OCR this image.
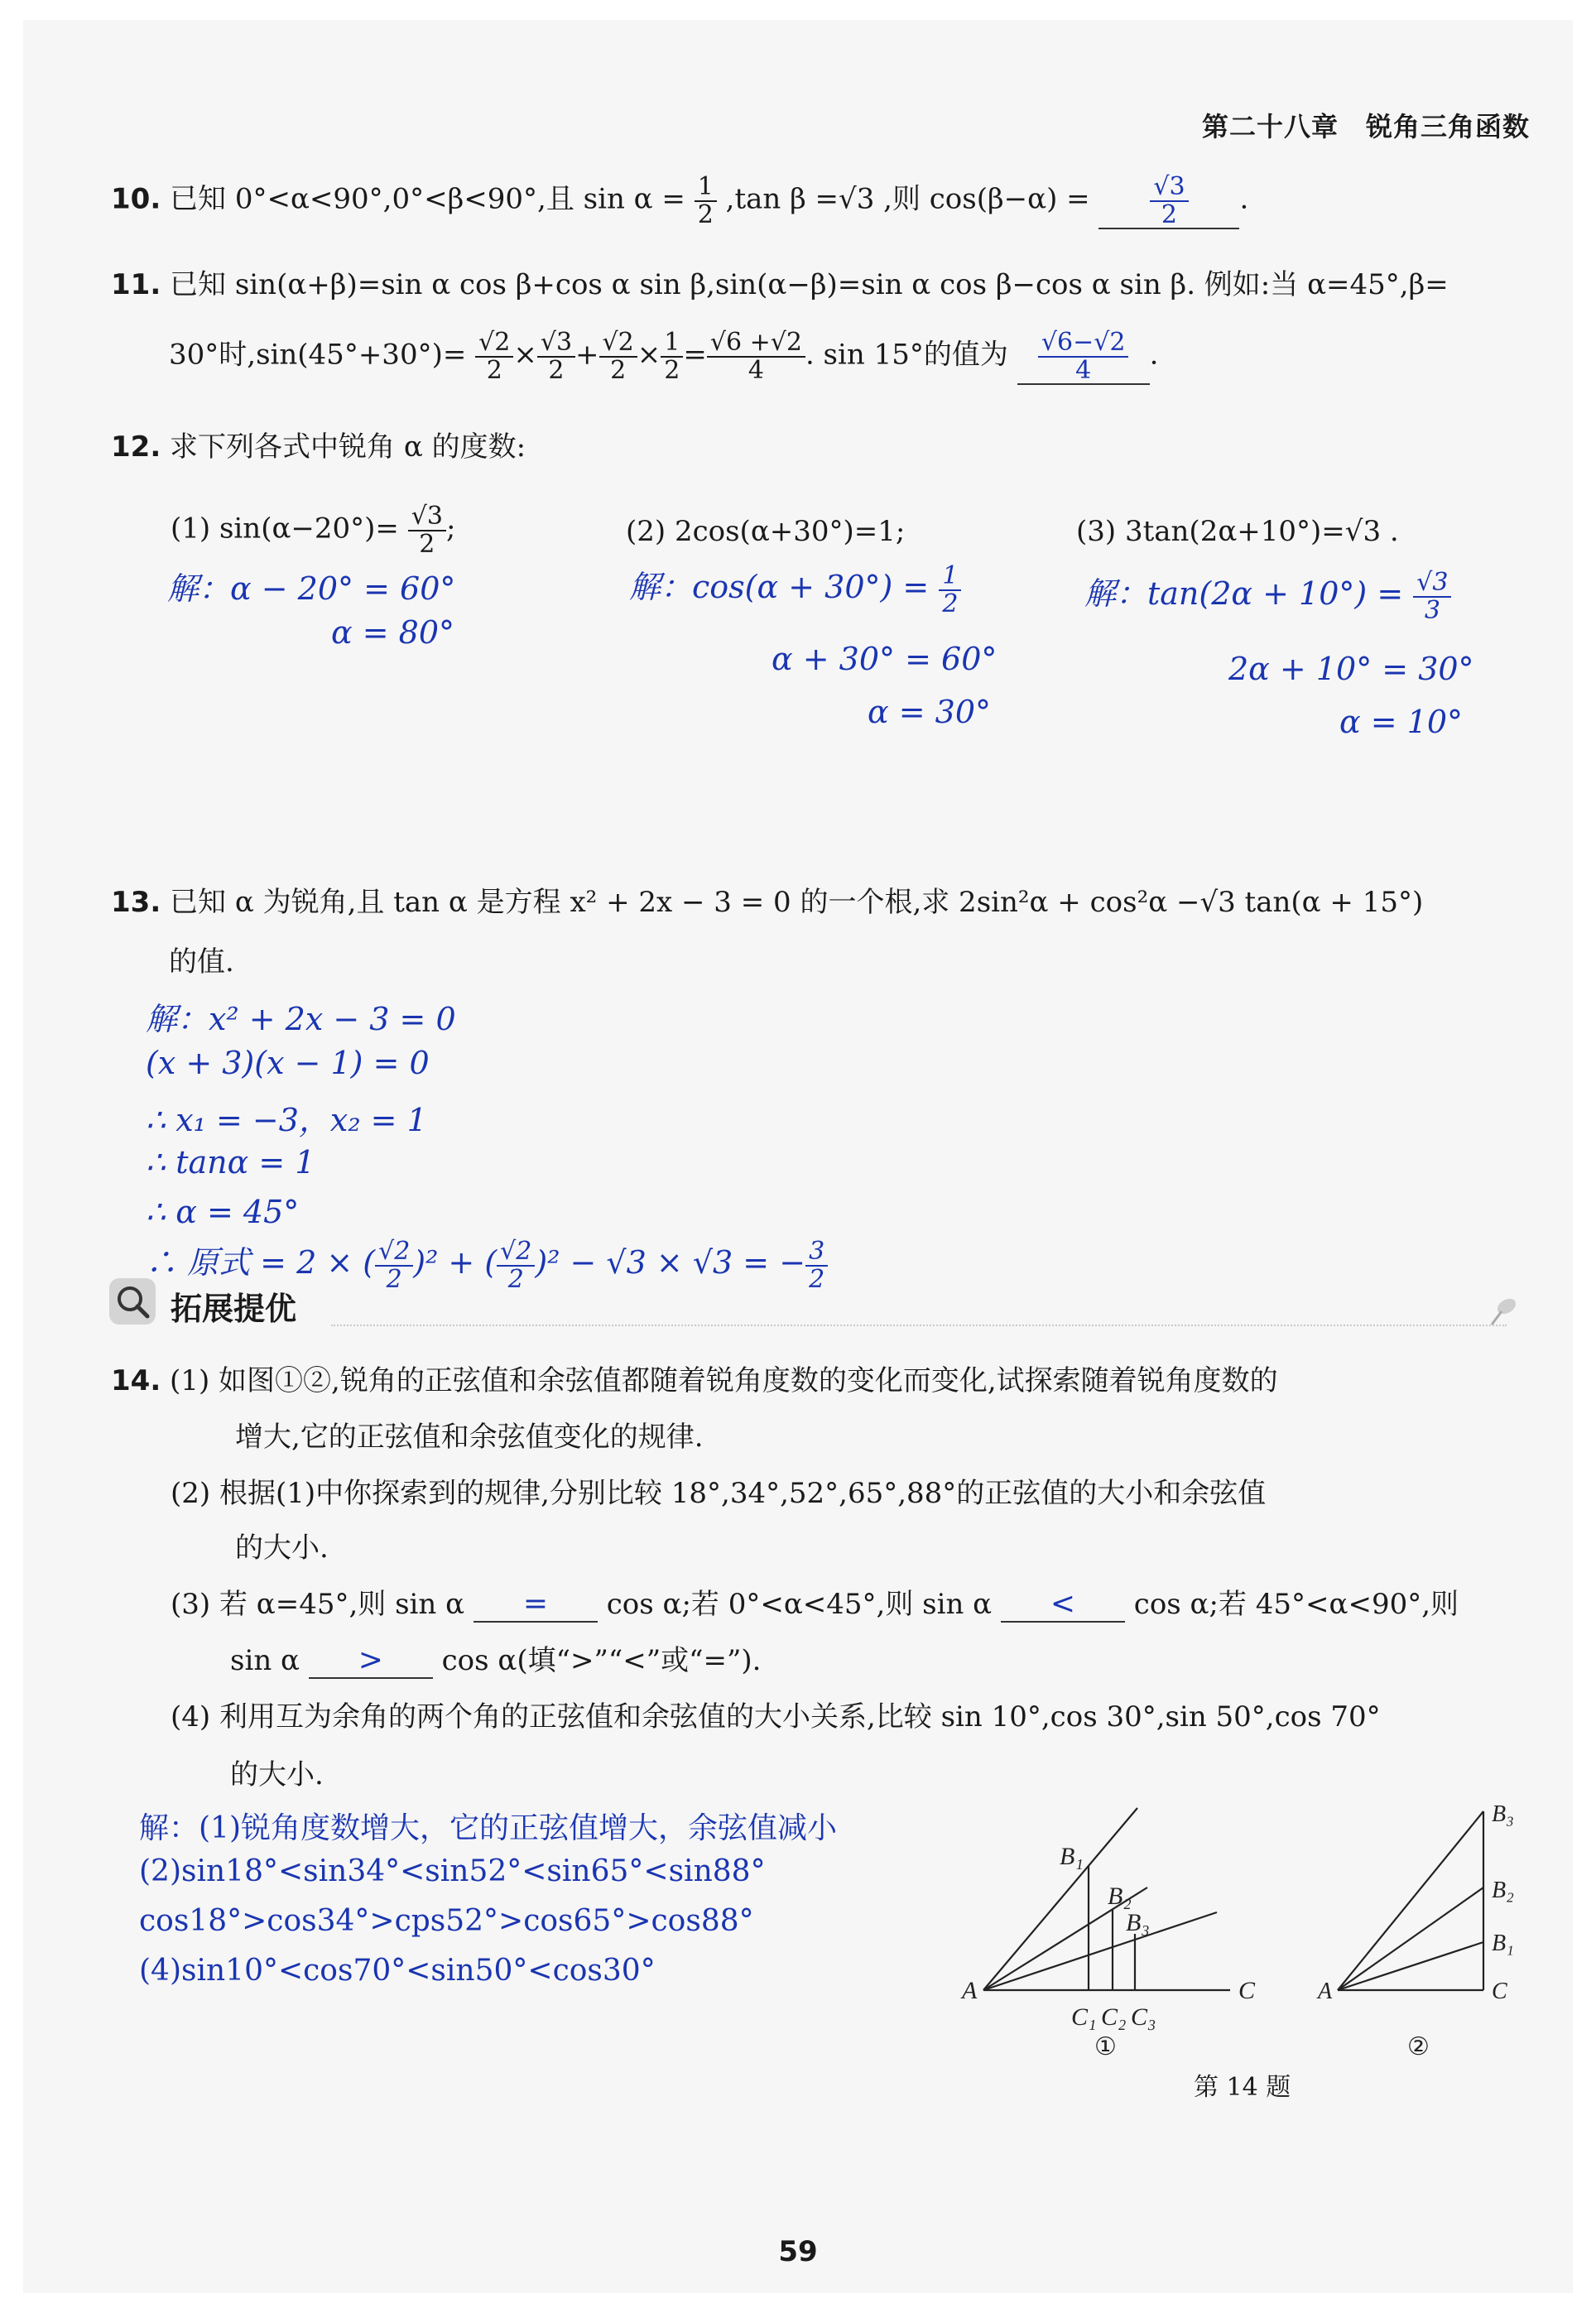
第二十八章　锐角三角函数
10. 已知 0°<α<90°,0°<β<90°,且 $\sin \alpha = \frac{1}{2} ,\tan$ β =√3 ,则 $\cos(\beta-\alpha) = \frac{√3}{2}$ .
11. 已知 sin(α+β)=sin α cos β+cos α sin β,sin(α−β)=sin α cos β−cos α sin β. 例如:当 α=45°,β=
30°时$,\sin(45^\circ+30^\circ)= \frac{√2}{2} \times \frac{√3}{2} + \frac{√2}{2} \times \frac{1}{2} = \frac{√6 +√2}{4}$ . sin 15°的值为 $\frac{√6-√2}{4}$ .
12. 求下列各式中锐角 α 的度数:
(1) $\sin(\alpha-20^\circ)= \frac{√3}{2}$ ;	(2) 2cos(α+30°)=1;	(3) 3tan(2α+10°)=√3 .
解：α − 20° = 60°
α = 80°
解：$\cos(\alpha + 30^\circ) = \frac{1}{2}$
α + 30° = 60°
α = 30°
解：$\tan(2\alpha + 10^\circ) = \frac{√3}{3}$
2α + 10° = 30°
α = 10°
13. 已知 α 为锐角,且 tan α 是方程 x² + 2x − 3 = 0 的一个根,求 2sin²α + cos²α −√3 tan(α + 15°)
的值.
解：x² + 2x − 3 = 0
(x + 3)(x − 1) = 0
∴ x₁ = −3，x₂ = 1
∴ tanα = 1
∴ α = 45°
∴ 原式 = 2 × ( $\frac{√2}{2} )^2$ + ( $\frac{√2}{2} )^2 - √3 \times √3$ = − $\frac{3}{2}$
拓展提优
14. (1) 如图①②,锐角的正弦值和余弦值都随着锐角度数的变化而变化,试探索随着锐角度数的
增大,它的正弦值和余弦值变化的规律.
(2) 根据(1)中你探索到的规律,分别比较 18°,34°,52°,65°,88°的正弦值的大小和余弦值
的大小.
(3) 若 α=45°,则 sin α = cos α;若 0°<α<45°,则 sin α < cos α;若 45°<α<90°,则
sin α > cos α(填“>”“<”或“=”).
(4) 利用互为余角的两个角的正弦值和余弦值的大小关系,比较 sin 10°,cos 30°,sin 50°,cos 70°
的大小.
解：(1)锐角度数增大，它的正弦值增大，余弦值减小
(2)sin18°<sin34°<sin52°<sin65°<sin88°
cos18°>cos34°>cps52°>cos65°>cos88°
(4)sin10°<cos70°<sin50°<cos30°
A	C
B₁
B₂
B₃
C₁ C₂ C₃
①
A	C
B₃
B₂
B₁
②
第 14 题
59
